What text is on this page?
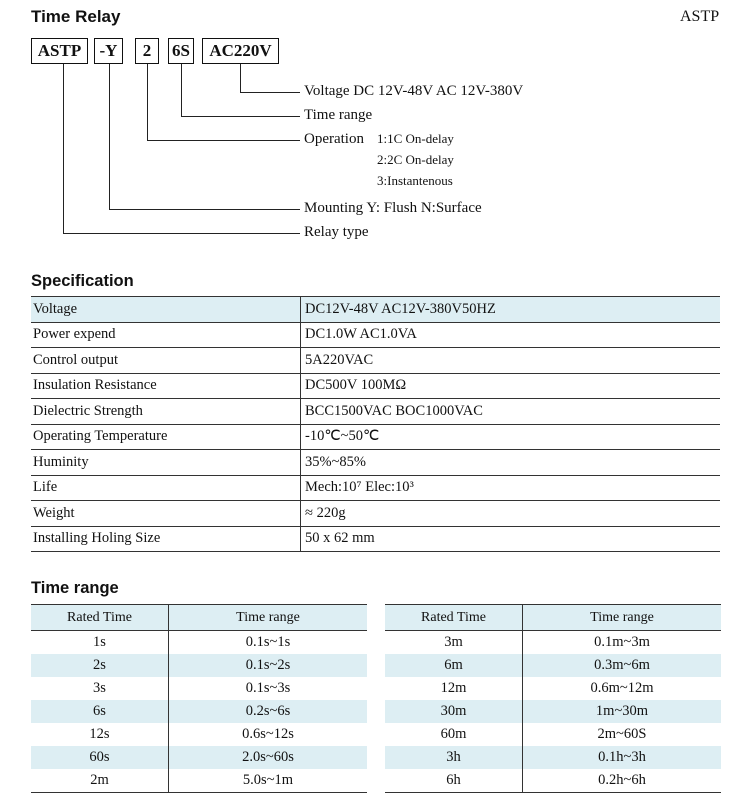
Time Relay	ASTP
ASTP	-Y	2	6S	AC220V
Voltage DC 12V-48V AC 12V-380V
Time range
Operation 1:1C On-delay
2:2C On-delay
3:Instantenous
Mounting Y: Flush N:Surface
Relay type
Specification
Voltage	DC12V-48V AC12V-380V50HZ
Power expend	DC1.0W AC1.0VA
Control output	5A220VAC
Insulation Resistance	DC500V 100MΩ
Dielectric Strength	BCC1500VAC BOC1000VAC
Operating Temperature	-10℃~50℃
Huminity	35%~85%
Life	Mech:10⁷ Elec:10³
Weight	≈ 220g
Installing Holing Size	50 x 62 mm
Time range
Rated Time	Time range
1s	0.1s~1s
2s	0.1s~2s
3s	0.1s~3s
6s	0.2s~6s
12s	0.6s~12s
60s	2.0s~60s
2m	5.0s~1m
Rated Time	Time range
3m	0.1m~3m
6m	0.3m~6m
12m	0.6m~12m
30m	1m~30m
60m	2m~60S
3h	0.1h~3h
6h	0.2h~6h
